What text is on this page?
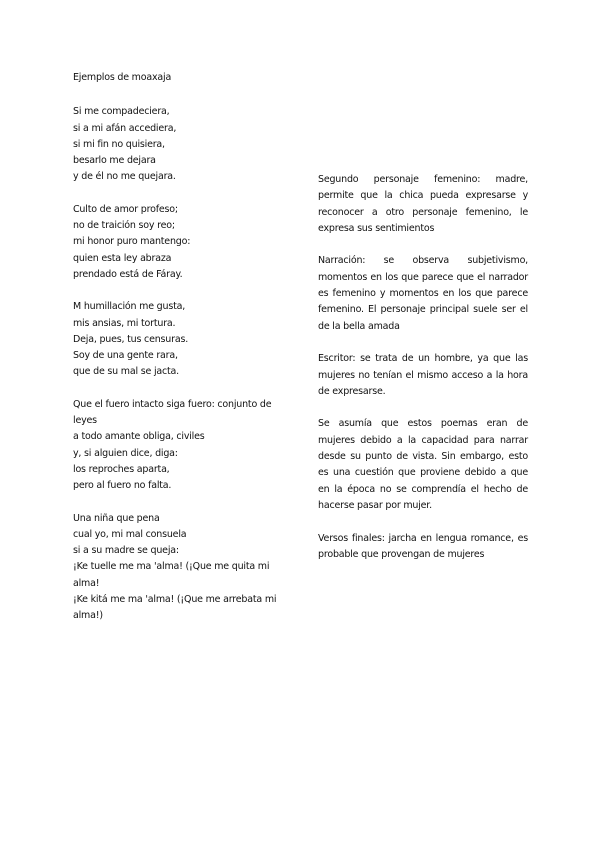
Ejemplos de moaxaja
Si me compadeciera,
si a mi afán accediera,
si mi fin no quisiera,
besarlo me dejara
y de él no me quejara.
Culto de amor profeso;
no de traición soy reo;
mi honor puro mantengo:
quien esta ley abraza
prendado está de Fáray.
M humillación me gusta,
mis ansias, mi tortura.
Deja, pues, tus censuras.
Soy de una gente rara,
que de su mal se jacta.
Que el fuero intacto siga fuero: conjunto de leyes
a todo amante obliga, civiles
y, si alguien dice, diga:
los reproches aparta,
pero al fuero no falta.
Una niña que pena
cual yo, mi mal consuela
si a su madre se queja:
¡Ke tuelle me ma 'alma! (¡Que me quita mi alma!
¡Ke kitá me ma 'alma! (¡Que me arrebata mi alma!)

Segundo personaje femenino: madre, permite que la chica pueda expresarse y reconocer a otro personaje femenino, le expresa sus sentimientos

Narración: se observa subjetivismo, momentos en los que parece que el narrador es femenino y momentos en los que parece femenino. El personaje principal suele ser el de la bella amada

Escritor: se trata de un hombre, ya que las mujeres no tenían el mismo acceso a la hora de expresarse.

Se asumía que estos poemas eran de mujeres debido a la capacidad para narrar desde su punto de vista. Sin embargo, esto es una cuestión que proviene debido a que en la época no se comprendía el hecho de hacerse pasar por mujer.

Versos finales: jarcha en lengua romance, es probable que provengan de mujeres
